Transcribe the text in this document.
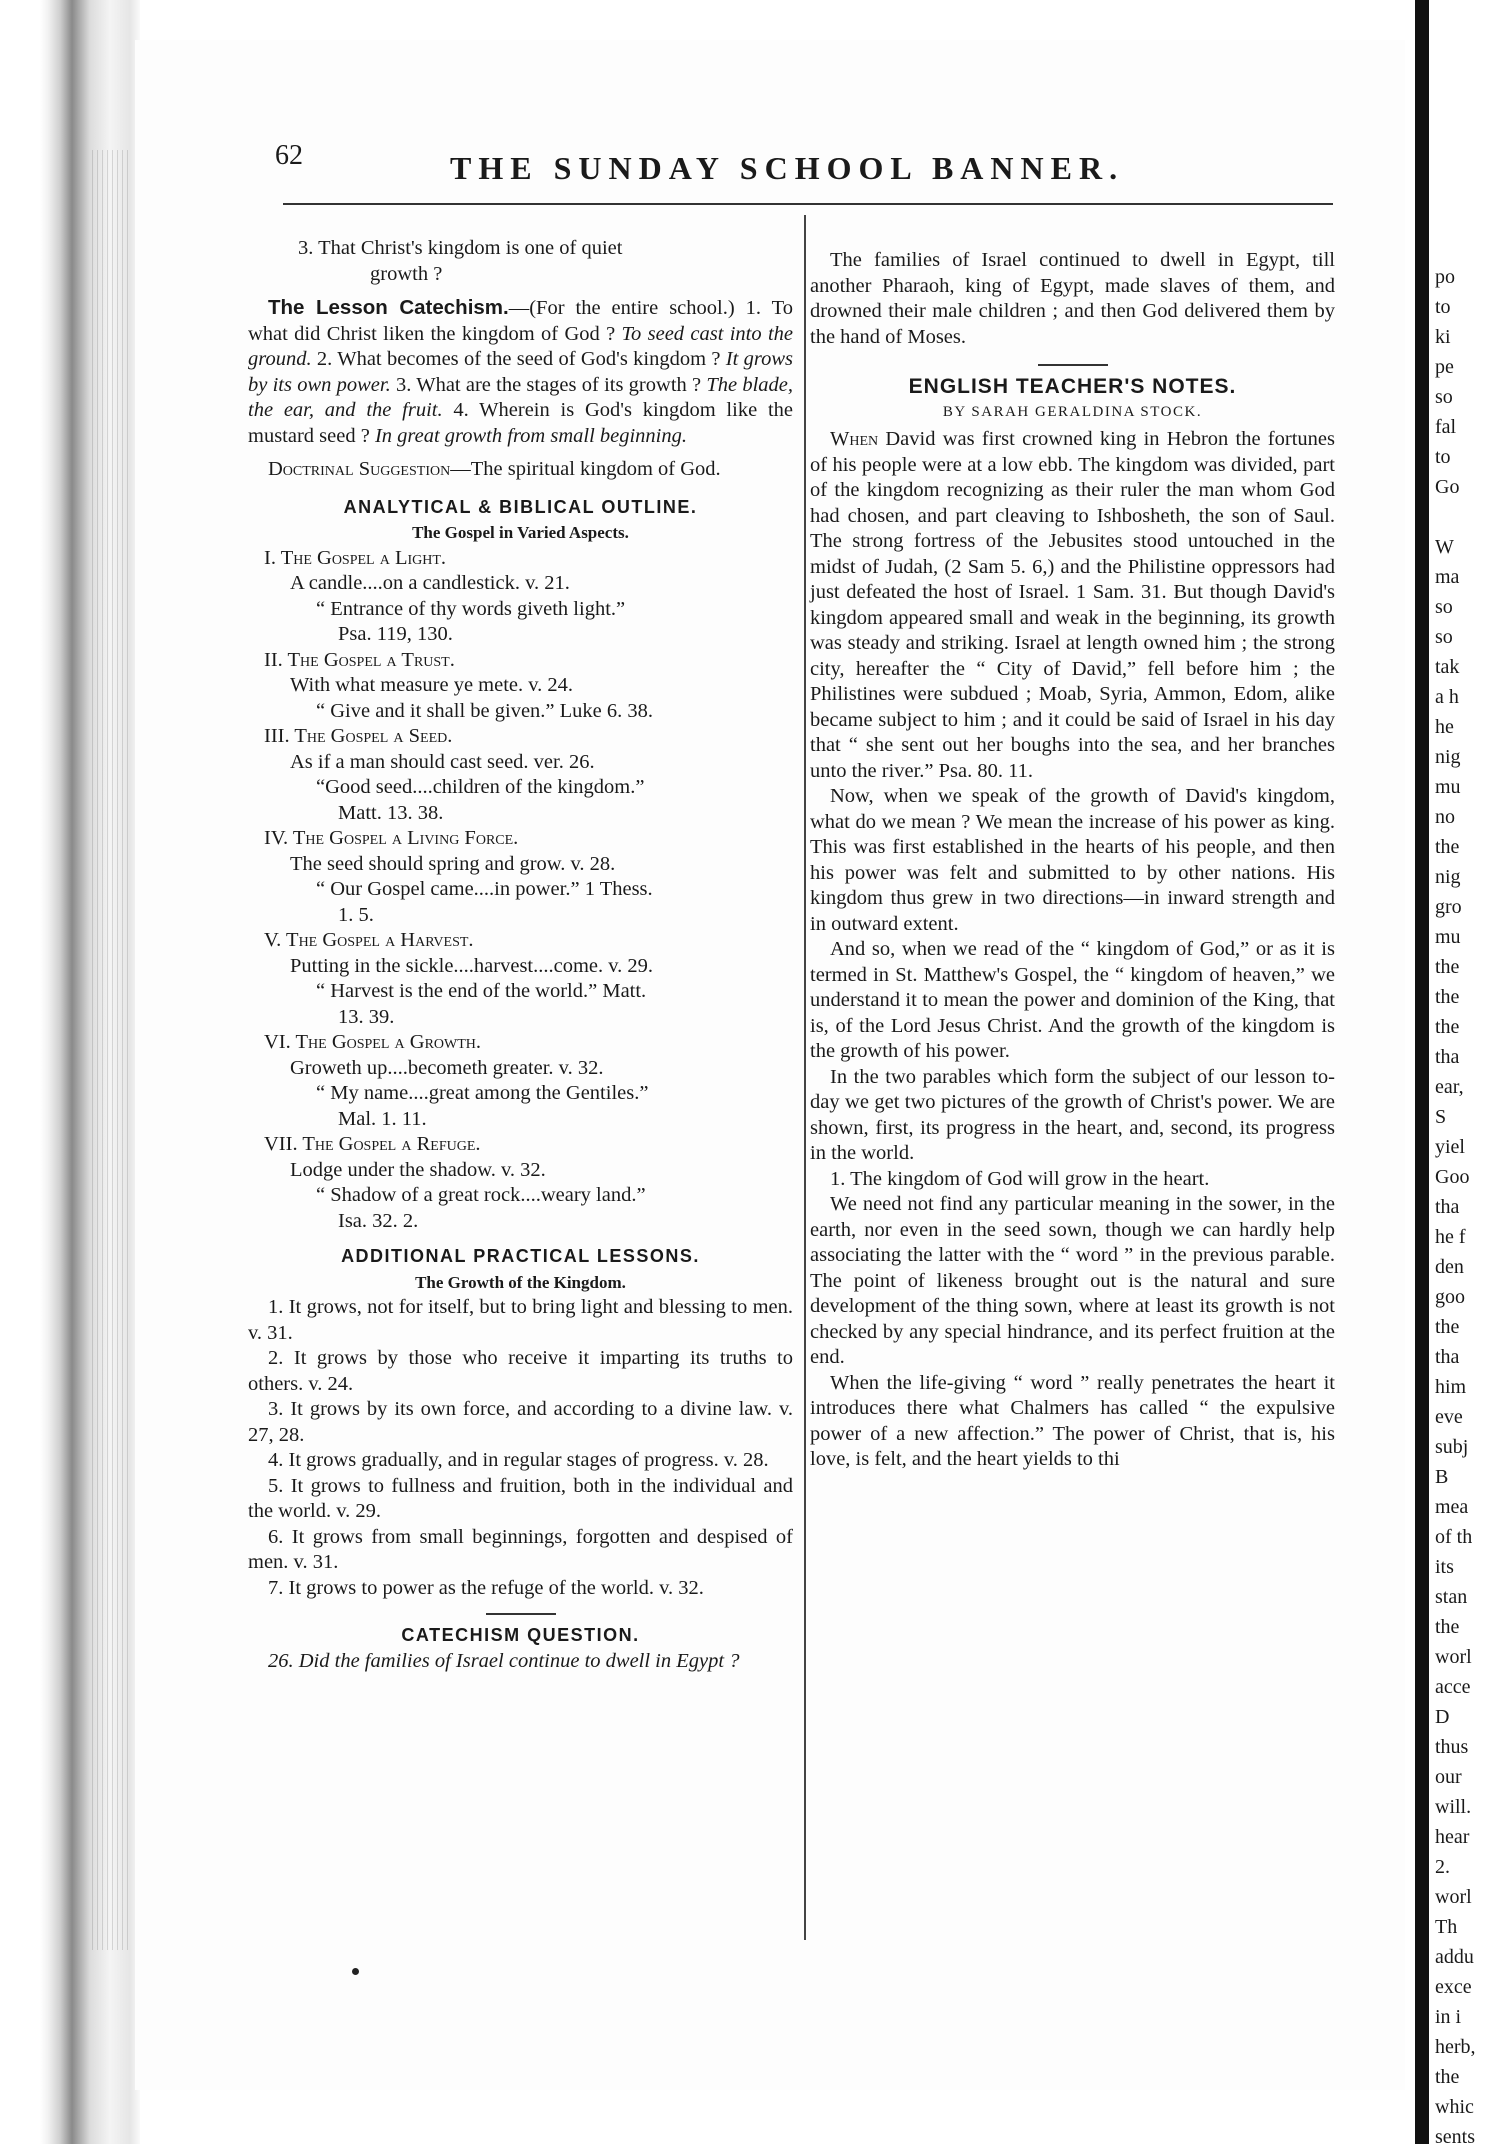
62	THE SUNDAY SCHOOL BANNER.

3. That Christ's kingdom is one of quiet
growth ?

The Lesson Catechism.—(For the entire school.) 1. To what did Christ liken the kingdom of God ? To seed cast into the ground. 2. What becomes of the seed of God's kingdom ? It grows by its own power. 3. What are the stages of its growth ? The blade, the ear, and the fruit. 4. Wherein is God's kingdom like the mustard seed ? In great growth from small beginning.

Doctrinal Suggestion—The spiritual kingdom of God.

ANALYTICAL & BIBLICAL OUTLINE.
The Gospel in Varied Aspects.
I. The Gospel a Light.
A candle....on a candlestick. v. 21.
“ Entrance of thy words giveth light.”
Psa. 119, 130.
II. The Gospel a Trust.
With what measure ye mete. v. 24.
“ Give and it shall be given.” Luke 6. 38.
III. The Gospel a Seed.
As if a man should cast seed. ver. 26.
“Good seed....children of the kingdom.”
Matt. 13. 38.
IV. The Gospel a Living Force.
The seed should spring and grow. v. 28.
“ Our Gospel came....in power.” 1 Thess.
1. 5.
V. The Gospel a Harvest.
Putting in the sickle....harvest....come. v. 29.
“ Harvest is the end of the world.” Matt.
13. 39.
VI. The Gospel a Growth.
Groweth up....becometh greater. v. 32.
“ My name....great among the Gentiles.”
Mal. 1. 11.
VII. The Gospel a Refuge.
Lodge under the shadow. v. 32.
“ Shadow of a great rock....weary land.”
Isa. 32. 2.
ADDITIONAL PRACTICAL LESSONS.
The Growth of the Kingdom.

1. It grows, not for itself, but to bring light and blessing to men. v. 31.

2. It grows by those who receive it imparting its truths to others. v. 24.

3. It grows by its own force, and according to a divine law. v. 27, 28.

4. It grows gradually, and in regular stages of progress. v. 28.

5. It grows to fullness and fruition, both in the individual and the world. v. 29.

6. It grows from small beginnings, forgotten and despised of men. v. 31.

7. It grows to power as the refuge of the world. v. 32.

CATECHISM QUESTION.

26. Did the families of Israel continue to dwell in Egypt ?

The families of Israel continued to dwell in Egypt, till another Pharaoh, king of Egypt, made slaves of them, and drowned their male children ; and then God delivered them by the hand of Moses.

ENGLISH TEACHER'S NOTES.
BY SARAH GERALDINA STOCK.

When David was first crowned king in Hebron the fortunes of his people were at a low ebb. The kingdom was divided, part of the kingdom recognizing as their ruler the man whom God had chosen, and part cleaving to Ishbosheth, the son of Saul. The strong fortress of the Jebusites stood untouched in the midst of Judah, (2 Sam 5. 6,) and the Philistine oppressors had just defeated the host of Israel. 1 Sam. 31. But though David's kingdom appeared small and weak in the beginning, its growth was steady and striking. Israel at length owned him ; the strong city, hereafter the “ City of David,” fell before him ; the Philistines were subdued ; Moab, Syria, Ammon, Edom, alike became subject to him ; and it could be said of Israel in his day that “ she sent out her boughs into the sea, and her branches unto the river.” Psa. 80. 11.

Now, when we speak of the growth of David's kingdom, what do we mean ? We mean the increase of his power as king. This was first established in the hearts of his people, and then his power was felt and submitted to by other nations. His kingdom thus grew in two directions—in inward strength and in outward extent.

And so, when we read of the “ kingdom of God,” or as it is termed in St. Matthew's Gospel, the “ kingdom of heaven,” we understand it to mean the power and dominion of the King, that is, of the Lord Jesus Christ. And the growth of the kingdom is the growth of his power.

In the two parables which form the subject of our lesson to-day we get two pictures of the growth of Christ's power. We are shown, first, its progress in the heart, and, second, its progress in the world.

1. The kingdom of God will grow in the heart.

We need not find any particular meaning in the sower, in the earth, nor even in the seed sown, though we can hardly help associating the latter with the “ word ” in the previous parable. The point of likeness brought out is the natural and sure development of the thing sown, where at least its growth is not checked by any special hindrance, and its perfect fruition at the end.

When the life-giving “ word ” really penetrates the heart it introduces there what Chalmers has called “ the expulsive power of a new affection.” The power of Christ, that is, his love, is felt, and the heart yields to thi

po
to
ki
pe
so
fal
to
Go

W
ma
so
so
tak
a h
he
nig
mu
no
the
nig
gro
mu
the
the
the
tha
ear,
S
yiel
Goo
tha
he f
den
goo
the
tha
him
eve
subj
B
mea
of th
its
stan
the
worl
acce
D
thus
our
will.
hear
2.
worl
Th
addu
exce
in i
herb,
the
whic
sents
